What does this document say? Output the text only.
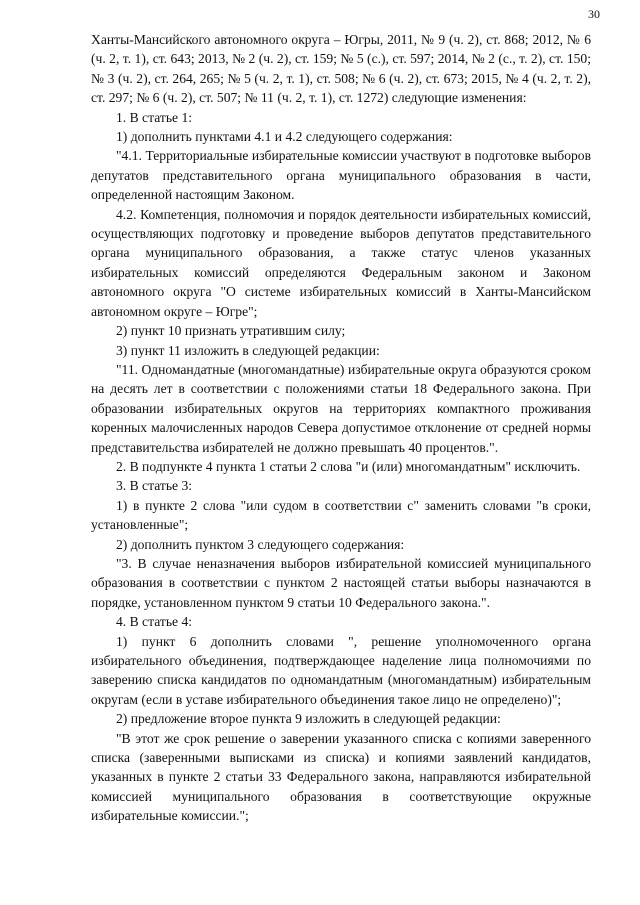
30

Ханты-Мансийского автономного округа – Югры, 2011, № 9 (ч. 2), ст. 868; 2012, № 6 (ч. 2, т. 1), ст. 643; 2013, № 2 (ч. 2), ст. 159; № 5 (с.), ст. 597; 2014, № 2 (с., т. 2), ст. 150; № 3 (ч. 2), ст. 264, 265; № 5 (ч. 2, т. 1), ст. 508; № 6 (ч. 2), ст. 673; 2015, № 4 (ч. 2, т. 2), ст. 297; № 6 (ч. 2), ст. 507; № 11 (ч. 2, т. 1), ст. 1272) следующие изменения:

1. В статье 1:

1) дополнить пунктами 4.1 и 4.2 следующего содержания:

"4.1. Территориальные избирательные комиссии участвуют в подготовке выборов депутатов представительного органа муниципального образования в части, определенной настоящим Законом.

4.2. Компетенция, полномочия и порядок деятельности избирательных комиссий, осуществляющих подготовку и проведение выборов депутатов представительного органа муниципального образования, а также статус членов указанных избирательных комиссий определяются Федеральным законом и Законом автономного округа "О системе избирательных комиссий в Ханты-Мансийском автономном округе – Югре";

2) пункт 10 признать утратившим силу;

3) пункт 11 изложить в следующей редакции:

"11. Одномандатные (многомандатные) избирательные округа образуются сроком на десять лет в соответствии с положениями статьи 18 Федерального закона. При образовании избирательных округов на территориях компактного проживания коренных малочисленных народов Севера допустимое отклонение от средней нормы представительства избирателей не должно превышать 40 процентов.".

2. В подпункте 4 пункта 1 статьи 2 слова "и (или) многомандатным" исключить.

3. В статье 3:

1) в пункте 2 слова "или судом в соответствии с" заменить словами "в сроки, установленные";

2) дополнить пунктом 3 следующего содержания:

"3. В случае неназначения выборов избирательной комиссией муниципального образования в соответствии с пунктом 2 настоящей статьи выборы назначаются в порядке, установленном пунктом 9 статьи 10 Федерального закона.".

4. В статье 4:

1) пункт 6 дополнить словами ", решение уполномоченного органа избирательного объединения, подтверждающее наделение лица полномочиями по заверению списка кандидатов по одномандатным (многомандатным) избирательным округам (если в уставе избирательного объединения такое лицо не определено)";

2) предложение второе пункта 9 изложить в следующей редакции:

"В этот же срок решение о заверении указанного списка с копиями заверенного списка (заверенными выписками из списка) и копиями заявлений кандидатов, указанных в пункте 2 статьи 33 Федерального закона, направляются избирательной комиссией муниципального образования в соответствующие окружные избирательные комиссии.";
